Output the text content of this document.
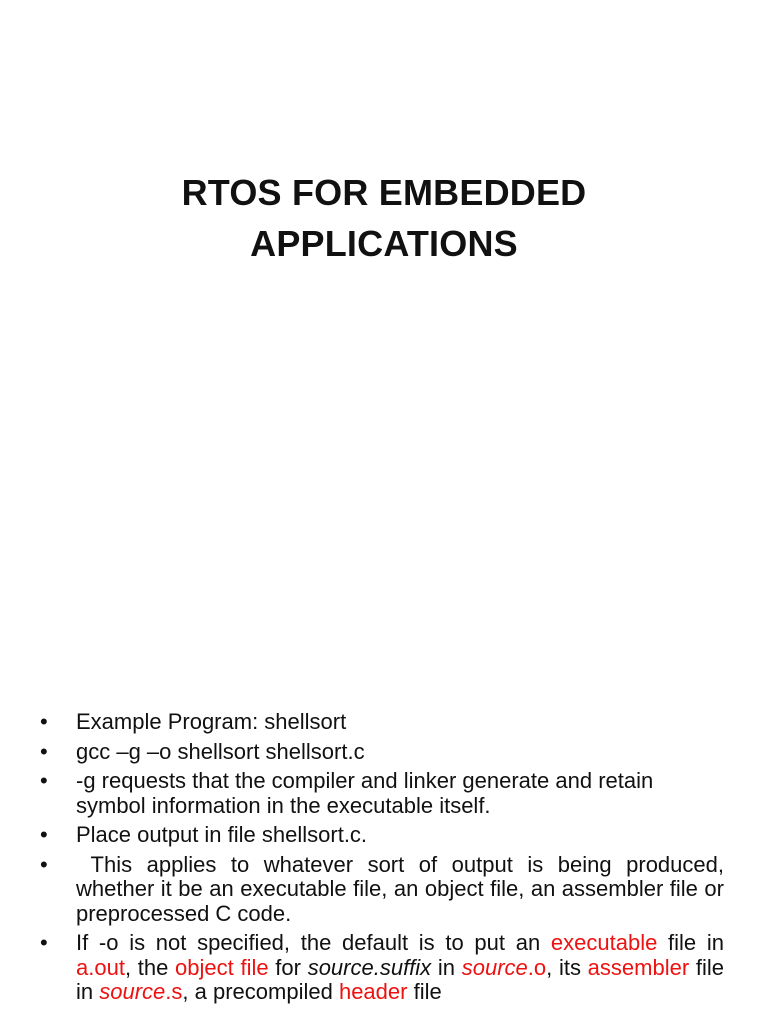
RTOS FOR EMBEDDED
APPLICATIONS
• Example Program: shellsort
• gcc –g –o shellsort shellsort.c
• -g requests that the compiler and linker generate and retain symbol information in the executable itself.
• Place output in file shellsort.c.
• This applies to whatever sort of output is being produced, whether it be an executable file, an object file, an assembler file or preprocessed C code.
• If -o is not specified, the default is to put an executable file in a.out, the object file for source.suffix in source.o, its assembler file in source.s, a precompiled header file
